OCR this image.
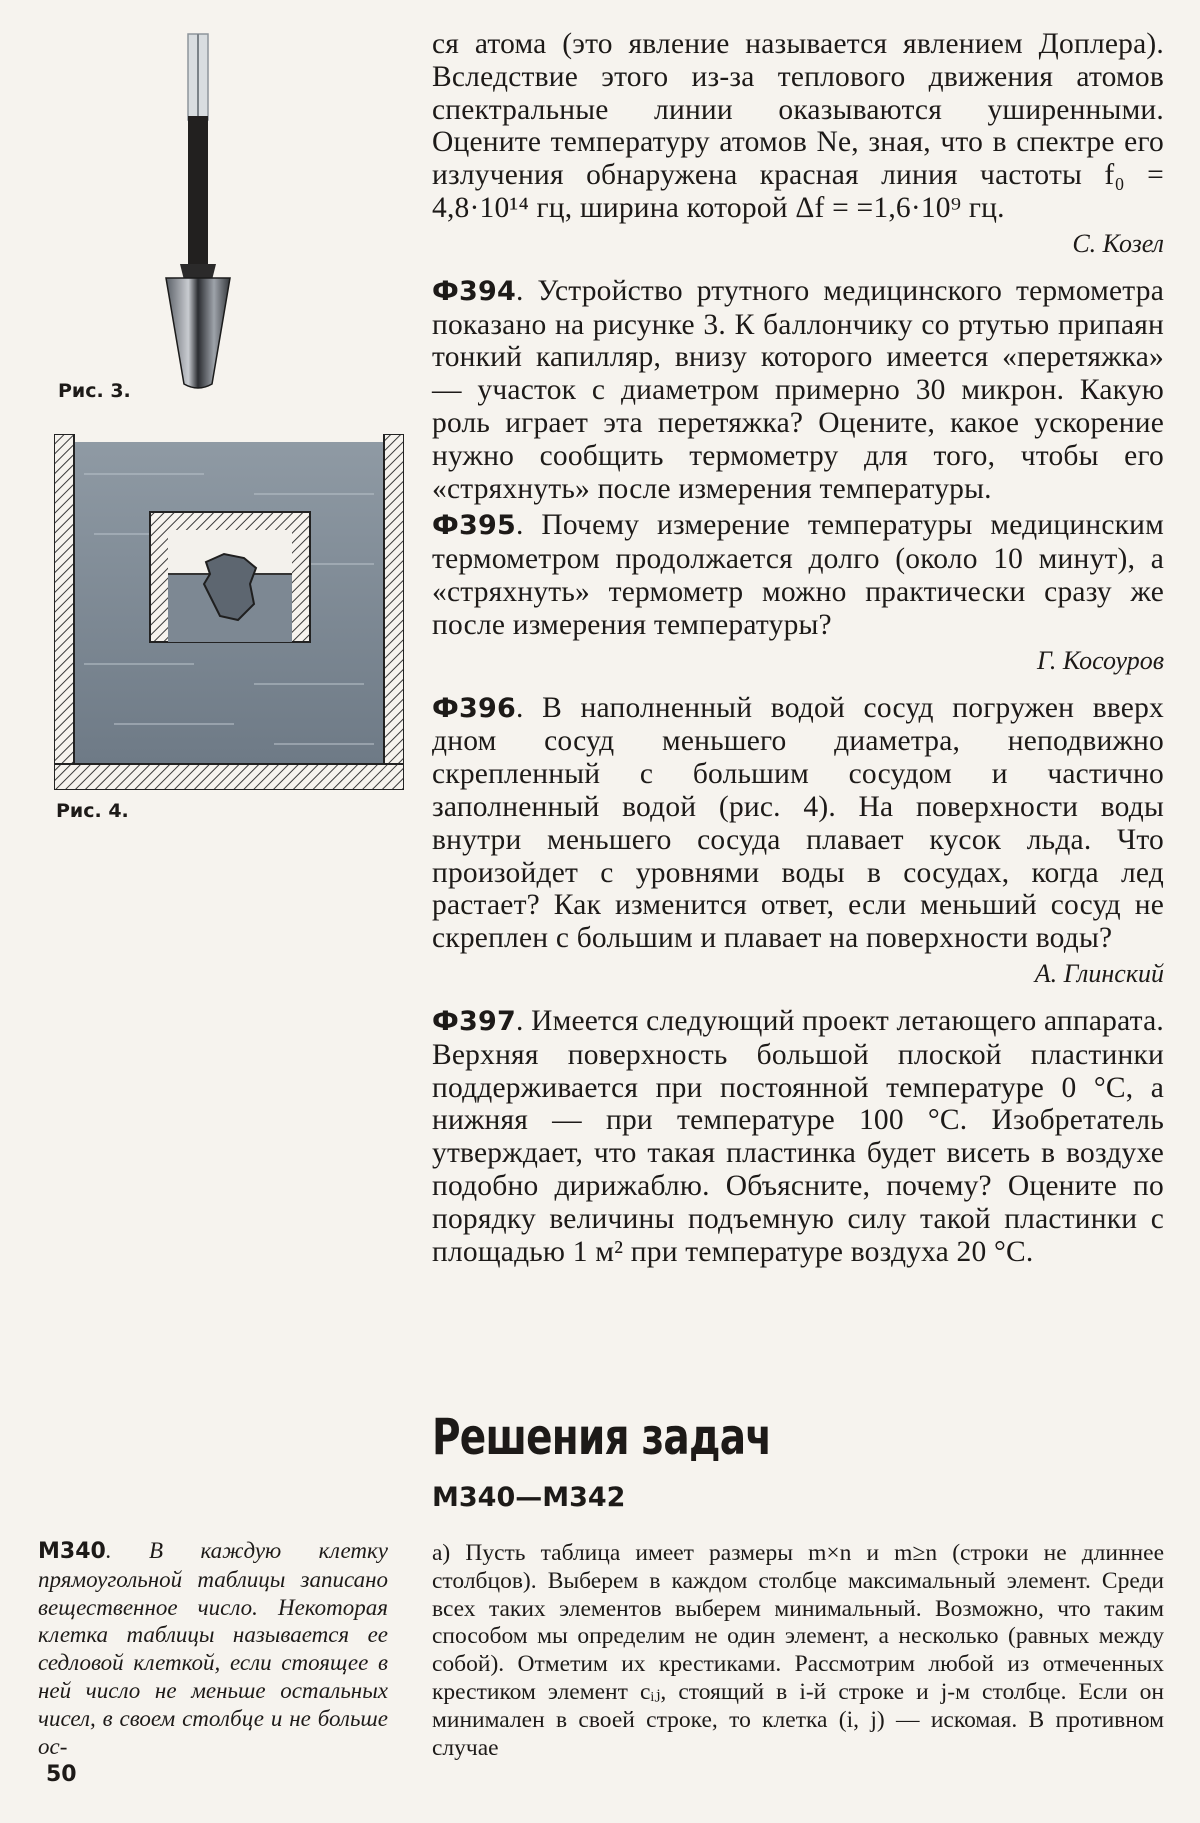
Рис. 3.
Рис. 4.

ся атома (это явление называется явлением Доплера). Вследствие этого из-за теплового движения атомов спектральные линии оказываются уширенными. Оцените температуру атомов Ne, зная, что в спектре его излучения обнаружена красная линия частоты f₀ = 4,8·10¹⁴ гц, ширина которой Δf = =1,6·10⁹ гц.

С. Козел

Ф394. Устройство ртутного медицинского термометра показано на рисунке 3. К баллончику со ртутью припаян тонкий капилляр, внизу которого имеется «перетяжка» — участок с диаметром примерно 30 микрон. Какую роль играет эта перетяжка? Оцените, какое ускорение нужно сообщить термометру для того, чтобы его «стряхнуть» после измерения температуры.

Ф395. Почему измерение температуры медицинским термометром продолжается долго (около 10 минут), а «стряхнуть» термометр можно практически сразу же после измерения температуры?

Г. Косоуров

Ф396. В наполненный водой сосуд погружен вверх дном сосуд меньшего диаметра, неподвижно скрепленный с большим сосудом и частично заполненный водой (рис. 4). На поверхности воды внутри меньшего сосуда плавает кусок льда. Что произойдет с уровнями воды в сосудах, когда лед растает? Как изменится ответ, если меньший сосуд не скреплен с большим и плавает на поверхности воды?

А. Глинский

Ф397. Имеется следующий проект летающего аппарата. Верхняя поверхность большой плоской пластинки поддерживается при постоянной температуре 0 °С, а нижняя — при температуре 100 °С. Изобретатель утверждает, что такая пластинка будет висеть в воздухе подобно дирижаблю. Объясните, почему? Оцените по порядку величины подъемную силу такой пластинки с площадью 1 м² при температуре воздуха 20 °С.

Решения задач
М340—М342

а) Пусть таблица имеет размеры m×n и m≥n (строки не длиннее столбцов). Выберем в каждом столбце максимальный элемент. Среди всех таких элементов выберем минимальный. Возможно, что таким способом мы определим не один элемент, а несколько (равных между собой). Отметим их крестиками. Рассмотрим любой из отмеченных крестиком элемент cᵢⱼ, стоящий в i-й строке и j-м столбце. Если он минимален в своей строке, то клетка (i, j) — искомая. В противном случае

М340. В каждую клетку прямоугольной таблицы записано вещественное число. Некоторая клетка таблицы называется ее седловой клеткой, если стоящее в ней число не меньше остальных чисел, в своем столбце и не больше ос-

50
